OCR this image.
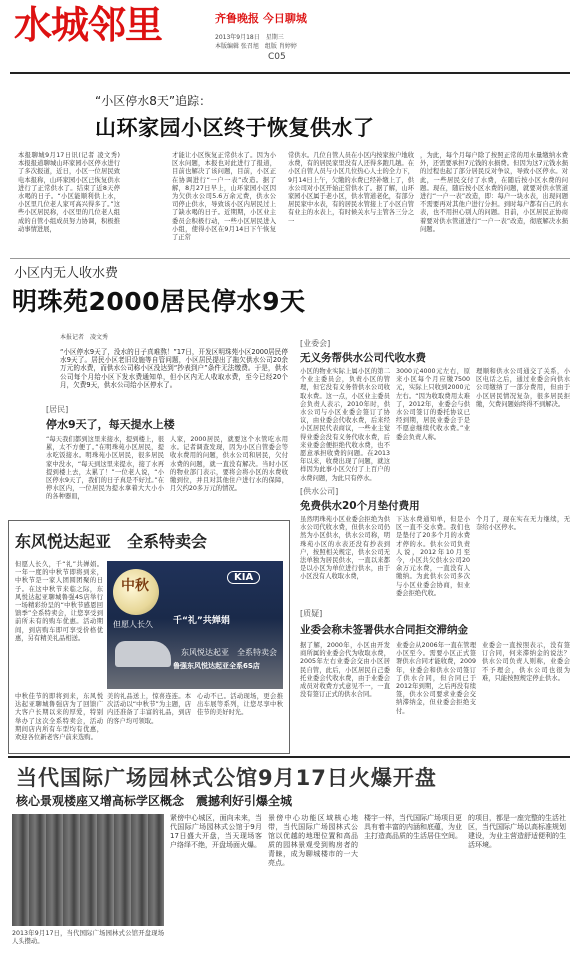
水城邻里	齐鲁晚报 今日聊城
2013年9月18日　星期三
本版编辑 张召旭　组版 肖婷婷
C05
“小区停水8天”追踪：
山环家园小区终于恢复供水了
本报聊城9月17日讯(记者 凌文秀) 本报报道聊城山环家园小区停水进行了多次报道，近日，小区一位居民致电本报称，山环家园小区已恢复供水进行了正常供水了。结束了近8天停水喝的日子。“小区能顺利供上水，小区里几位老人家可高兴得多了。”这些小区居民称，小区里的几位老人组成的自管小组成员努力协调，积极推动事情进展，
才能让小区恢复正常供水了。因为小区水问题，本报也对此进行了报道，目前也解决了该问题，目前，小区正在协调进行“一户一表”改造。据了解，8月27日早上，山环家园小区因为欠供水公司5.6万余元费，供水公司停止供水，导致该小区内居民过上了缺水喝的日子。近期期，小区业主委员会积极行动，一些小区居民进入小组，使得小区在9月14日下午恢复了正常
常供水。几位自管人员在小区内按家按户地收水费，有的居民家里没有人还得多跑几趟。在小区自管人员与小区几位热心人士的全力下，9月14日上午，欠缴的水费已经补缴上了，供水公司对小区开始正常供水了。据了解，山环家园小区属于老小区，供水管道老化，有部分居民家中水表，有的居民水管接上了小区自管有业主的水表上，有时候关水与主管各三分之一
，为此，每个月每户除了按照正常的用水量缴纳水费外，还需要承担7元钱的水损费。但因为这7元钱水损的过程也起了部分居民反对争议，导致小区停水。对此，一些居民交付了水费，在随后按小区水费的问题。现在，随后按小区水费的问题，就要对供水管道进行“一户一表”改造，即：每户一块水表，出现问题不需要再对其他户进行分担。到时每户都有自己的水表，也不用担心别人的问题。目前，小区居民正协商着要对供水管道进行“一户一表”改造，彻底解决水损问题。
小区内无人收水费
明珠苑2000居民停水9天
本报记者　凌文秀
“小区停水9天了，没水的日子真难熬！”17日，开发区明珠苑小区2000居民停水9天了。居民小区老旧设施等自管问题，小区居民提出了拖欠供水公司20余万元的水费，而供水公司称小区没达到“抄表到户”条件无法缴费。于是，供水公司每个月给小区下发水费通知单，但小区内无人收取水费，至今已经20个月，欠费9天，供水公司给小区停水了。
[居民]
停水9天了，每天提水上楼
“每天我们都到这里来接水，提到楼上，很累，太不方便了。”在明珠苑小区居民，提水吃饭接水。明珠苑小区居民，很多居民家中没水，“每天到这里来提水，接了水再提到楼上去，太累了！”一位老人说，“小区停水9天了，我们的日子真是不好过。”在停水区内，一位居民为提水拿着大大小小的各种器皿，
人家，2000居民，就要这个水管吃水用水。记者调查发现，因为小区自管委会等收水费用的问题，供水公司和居民，欠付水费的问题，就一直没有解决。当时小区的物业部门表示，要将会将小区的水费收缴到位，并且对其他住户进行水的保障，月欠约20多万元的情况。
[业委会]
无义务帮供水公司代收水费
小区的物业实际上属小区的第二个业主委员会，负责小区的管理，但它没有义务替供水公司收取水费。这一点，小区业主委员会负责人表示，2010年时，供水公司与小区业委会签订了协议，由业委会代收水费，后来经小区居民代表商议，一些业主觉得业委会没有义务代收水费，后来业委会便拒绝代收水费，也不愿意承担收费的问题。在2013年以来，收费出现了问题，就这样因为此事小区欠付了上百户的水费问题，为此只有停水。
3000元4000元左右，原来小区每个月应缴7500元，实际上只收到2000元左右。“因为收取费用太难了，2012年，业委会与供水公司签订的委托协议已经到期，居民业委会于是不愿意继续代收水费。”业委会负责人称。
理顺和供水公司通交了关系，小区电话之后，通过业委会向供水公司缴纳了一部分费用，但由于小区居民情况复杂，很多居民拒缴，欠费问题始终得不到解决。
[供水公司]
免费供水20个月垫付费用
虽然明珠苑小区业委会拒绝为供水公司代收水费，但供水公司仍然为小区供水，供水公司称，明珠苑小区的水表还没有抄表到户，按照相关规定，供水公司无法单独为居民供水，一直以来都是以小区为单位进行供水，由于小区没有人收取水费，
下达水费通知单，但是小区一直不交水费。我们也是垫付了20多个月的水费才停的水。供水公司负责人说，2012年10月至今，小区共欠供水公司20余万元水费，一直没有人缴纳。为此供水公司多次与小区业委会协商，但业委会拒绝代收。
个月了，现在实在无力继续，无奈给小区停水。
[质疑]
业委会称未签署供水合同拒交滞纳金
据了解，2000年，小区由开发商所属的业委会代为收取水费，2005年左右业委会交由小区居民自管，此后，小区居民自己委托业委会代收水费，由于业委会成员对收费方式意见不一，一直没有签订正式的供水合同。
业委会从2006年一直在管理小区至今。需要小区正式签署供水合同才能收费，2009年，业委会和供水公司签订了供水合同，但合同已于2012年到期，之后再没有续签，供水公司要求业委会交纳滞纳金，但业委会拒绝支付。
业委会一直按照表示，没有签订合同，何来滞纳金的说法？供水公司负责人则称，业委会不予理会，供水公司也很为难，只能按照规定停止供水。
东风悦达起亚　全系特卖会
但愿人长久，千“礼”共婵娟。一年一度的中秋节即将到来，中秋节是一家人团圆团聚的日子。在这中秋节来临之际，东风悦达起亚聊城鲁强4S店举行一场精彩纷呈的“中秋节感恩回馈季”全系特卖会，让您享受到前所未有的购车优惠。活动期间，到店购车即可享受价格优惠，另有精美礼品相送。
中秋
但愿人长久 千“礼”共婵娟
KIA
东风悦达起亚　全系特卖会
鲁强东风悦达起亚全系6S店
中秋佳节的即将到来，东风悦达起亚聊城鲁强店为了回馈广大客户长期以来的厚爱，特别举办了这次全系特卖会，活动期间店内所有车型均有优惠，欢迎各位新老客户前来选购。
美的礼品送上，惊喜连连。本次活动以“中秋节”为主题，店内还准备了丰富的礼品，到店的客户均可领取。
心动不已。活动现场，更会推出车展等系列，让您尽享中秋佳节的美好时光。
当代国际广场园林式公馆9月17日火爆开盘
核心景观楼座又增高标学区概念　震撼利好引爆全城
2013年9月17日，当代国际广场园林式公馆开盘现场人头攒动。
紧傍中心城区，面向未来，当代国际广场园林式公馆于9月17日盛大开盘，当天现场客户络绎不绝，开盘场面火爆。
景傍中心功能区域核心地带，当代国际广场园林式公馆以优越的地理位置和高品质的园林景观受到购房者的青睐，成为聊城楼市的一大亮点。
楼宇一样，当代国际广场项目更具有着丰富的内涵和底蕴，为业主打造高品质的生活居住空间。
的项目，都是一座完整的生活社区，当代国际广场以高标准规划建设，为业主营造舒适便利的生活环境。
